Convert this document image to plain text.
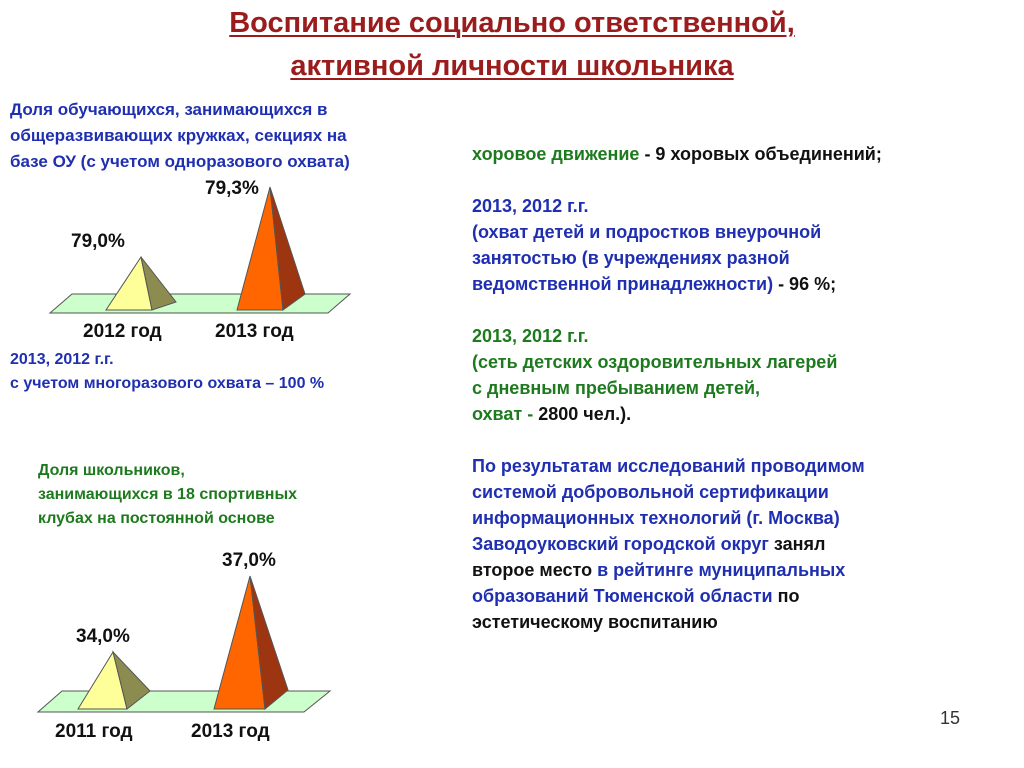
Воспитание социально ответственной,
активной личности школьника
Доля обучающихся, занимающихся в
общеразвивающих кружках, секциях на
базе ОУ (с учетом одноразового охвата)
79,0%
79,3%
2012 год	2013 год
2013, 2012 г.г.
с учетом многоразового охвата – 100 %
Доля школьников,
занимающихся в 18 спортивных
клубах на постоянной основе
34,0%
37,0%
2011 год	2013 год
хоровое движение - 9 хоровых объединений;
2013, 2012 г.г.
(охват детей и подростков внеурочной
занятостью (в учреждениях разной
ведомственной принадлежности) - 96 %;
2013, 2012 г.г.
(сеть детских оздоровительных лагерей
с дневным пребыванием детей,
охват - 2800 чел.).
По результатам исследований проводимом
системой добровольной сертификации
информационных технологий (г. Москва)
Заводоуковский городской округ занял
второе место в рейтинге муниципальных
образований Тюменской области по
эстетическому воспитанию
15
